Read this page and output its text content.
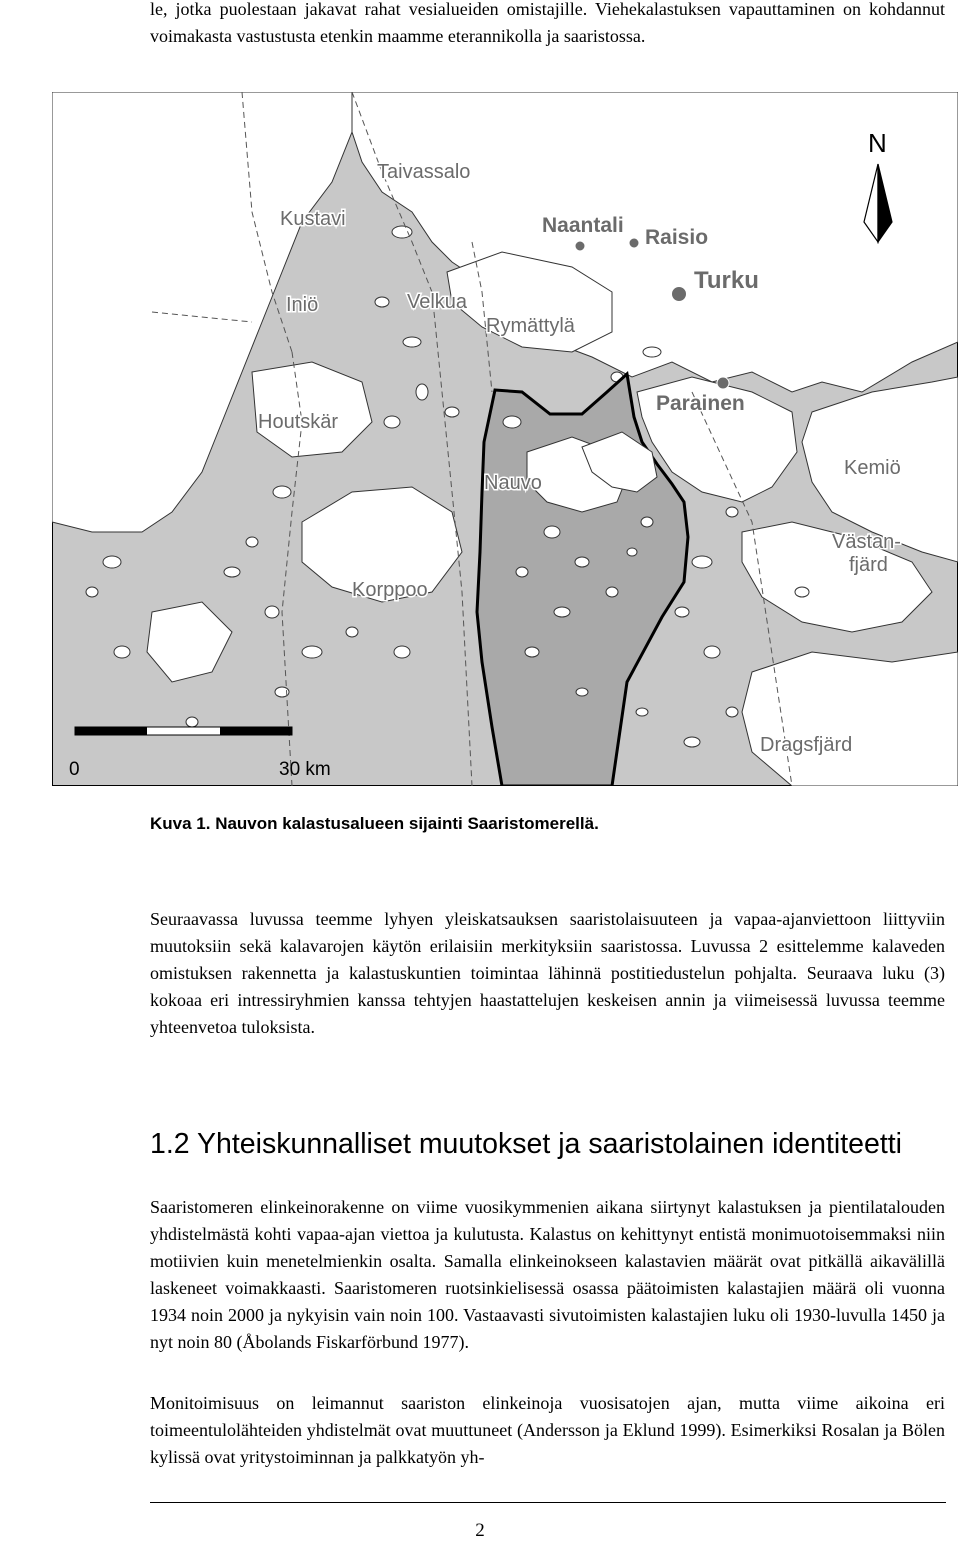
le, jotka puolestaan jakavat rahat vesialueiden omistajille. Viehekalastuksen vapauttaminen on kohdannut voimakasta vastustusta etenkin maamme eterannikolla ja saaristossa.

Taivassalo
Kustavi	Naantali
Raisio
Turku
Iniö	Velkua
Rymättylä
Parainen
Houtskär
Nauvo
Kemiö
Västan-
fjärd
Korppoo
Dragsfjärd
N
0	30 km

Kuva 1. Nauvon kalastusalueen sijainti Saaristomerellä.

Seuraavassa luvussa teemme lyhyen yleiskatsauksen saaristolaisuuteen ja vapaa-ajanviettoon liittyviin muutoksiin sekä kalavarojen käytön erilaisiin merkityksiin saaristossa. Luvussa 2 esittelemme kalaveden omistuksen rakennetta ja kalastuskuntien toimintaa lähinnä postitiedustelun pohjalta. Seuraava luku (3) kokoaa eri intressiryhmien kanssa tehtyjen haastattelujen keskeisen annin ja viimeisessä luvussa teemme yhteenvetoa tuloksista.

1.2 Yhteiskunnalliset muutokset ja saaristolainen identiteetti

Saaristomeren elinkeinorakenne on viime vuosikymmenien aikana siirtynyt kalastuksen ja pientilatalouden yhdistelmästä kohti vapaa-ajan viettoa ja kulutusta. Kalastus on kehittynyt entistä monimuotoisemmaksi niin motiivien kuin menetelmienkin osalta. Samalla elinkeinokseen kalastavien määrät ovat pitkällä aikavälillä laskeneet voimakkaasti. Saaristomeren ruotsinkielisessä osassa päätoimisten kalastajien määrä oli vuonna 1934 noin 2000 ja nykyisin vain noin 100. Vastaavasti sivutoimisten kalastajien luku oli 1930-luvulla 1450 ja nyt noin 80 (Åbolands Fiskarförbund 1977).

Monitoimisuus on leimannut saariston elinkeinoja vuosisatojen ajan, mutta viime aikoina eri toimeentulolähteiden yhdistelmät ovat muuttuneet (Andersson ja Eklund 1999). Esimerkiksi Rosalan ja Bölen kylissä ovat yritystoiminnan ja palkkatyön yh-

2
